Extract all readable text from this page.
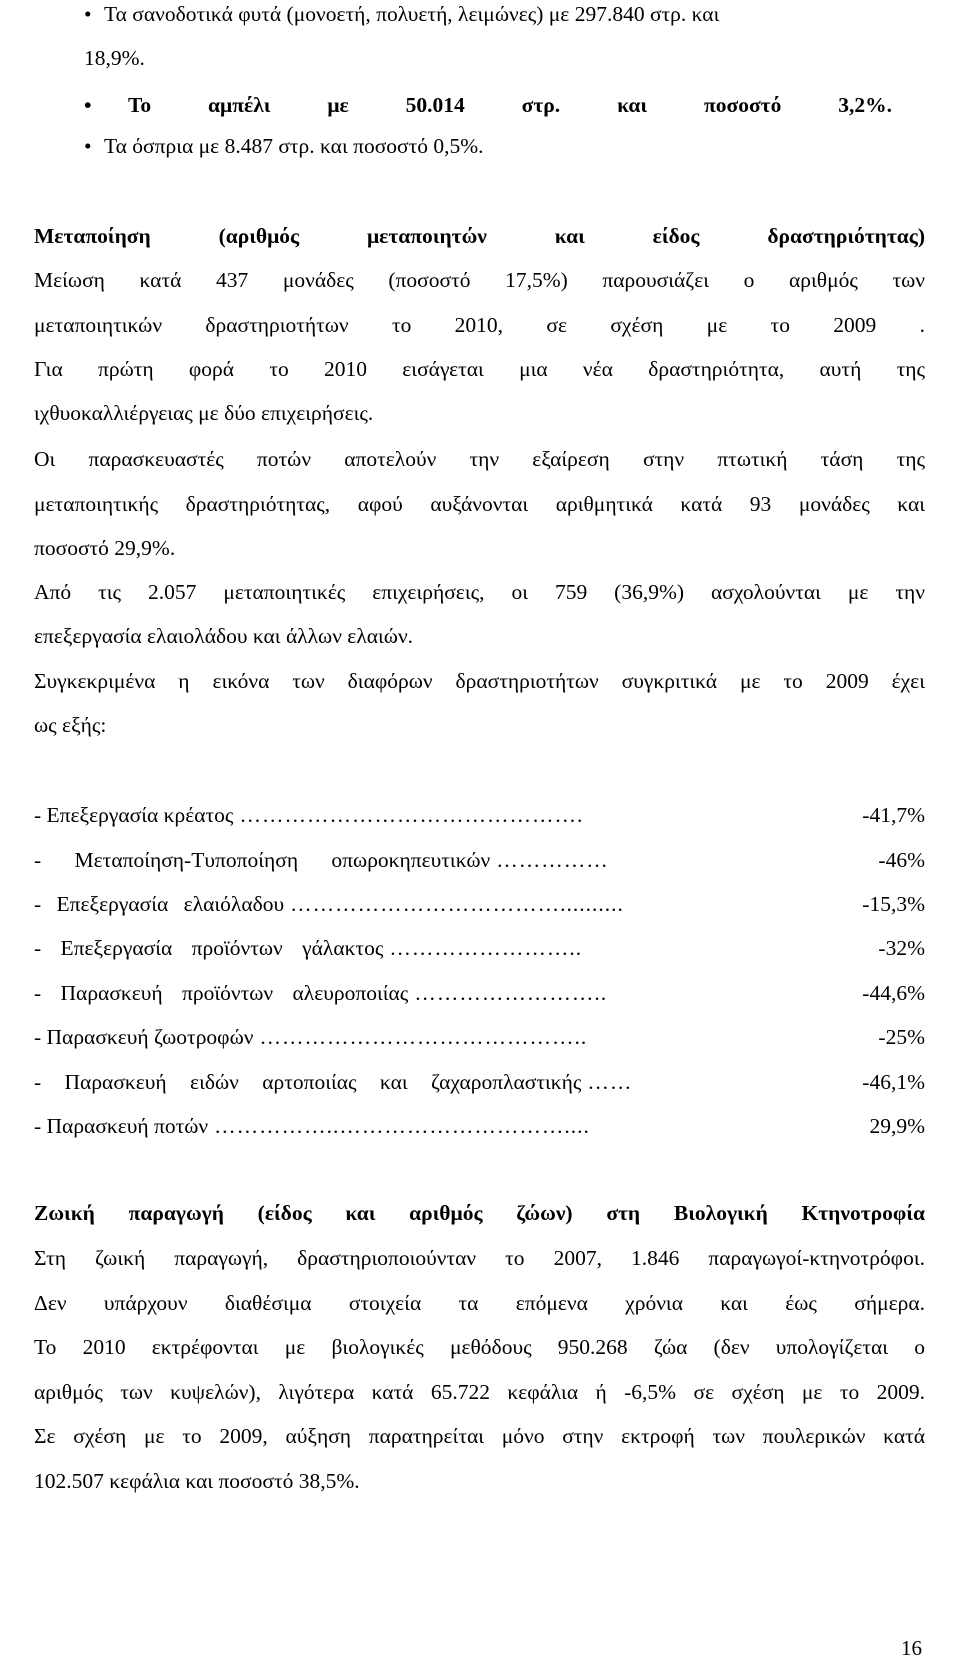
• Τα σανοδοτικά φυτά (μονοετή, πολυετή, λειμώνες) με 297.840 στρ. και
18,9%.
•	Το αμπέλι με 50.014 στρ. και ποσοστό 3,2%.
• Τα όσπρια με 8.487 στρ. και ποσοστό 0,5%.
Μεταποίηση (αριθμός μεταποιητών και είδος δραστηριότητας)
Μείωση κατά 437 μονάδες (ποσοστό 17,5%) παρουσιάζει ο αριθμός των
μεταποιητικών δραστηριοτήτων το 2010, σε σχέση με το 2009 .
Για πρώτη φορά το 2010 εισάγεται μια νέα δραστηριότητα, αυτή της
ιχθυοκαλλιέργειας με δύο επιχειρήσεις.
Οι παρασκευαστές ποτών αποτελούν την εξαίρεση στην πτωτική τάση της
μεταποιητικής δραστηριότητας, αφού αυξάνονται αριθμητικά κατά 93 μονάδες και
ποσοστό 29,9%.
Από τις 2.057 μεταποιητικές επιχειρήσεις, οι 759 (36,9%) ασχολούνται με την
επεξεργασία ελαιολάδου και άλλων ελαιών.
Συγκεκριμένα η εικόνα των διαφόρων δραστηριοτήτων συγκριτικά με το 2009 έχει
ως εξής:
- Επεξεργασία κρέατος ……………………………………….	-41,7%
- Μεταποίηση-Τυποποίηση οπωροκηπευτικών ……………	-46%
- Επεξεργασία ελαιόλαδου ………………………………..........	-15,3%
- Επεξεργασία προϊόντων γάλακτος ……………………..	-32%
- Παρασκευή προϊόντων αλευροποιίας ……………………..	-44,6%
- Παρασκευή ζωοτροφών ……………………………………..	-25%
- Παρασκευή ειδών αρτοποιίας και ζαχαροπλαστικής ……	-46,1%
- Παρασκευή ποτών ……………..…………………………....	29,9%
Ζωική παραγωγή (είδος και αριθμός ζώων) στη Βιολογική Κτηνοτροφία
Στη ζωική παραγωγή, δραστηριοποιούνταν το 2007, 1.846 παραγωγοί-κτηνοτρόφοι.
Δεν υπάρχουν διαθέσιμα στοιχεία τα επόμενα χρόνια και έως σήμερα.
Το 2010 εκτρέφονται με βιολογικές μεθόδους 950.268 ζώα (δεν υπολογίζεται ο
αριθμός των κυψελών), λιγότερα κατά 65.722 κεφάλια ή -6,5% σε σχέση με το 2009.
Σε σχέση με το 2009, αύξηση παρατηρείται μόνο στην εκτροφή των πουλερικών κατά
102.507 κεφάλια και ποσοστό 38,5%.
16
